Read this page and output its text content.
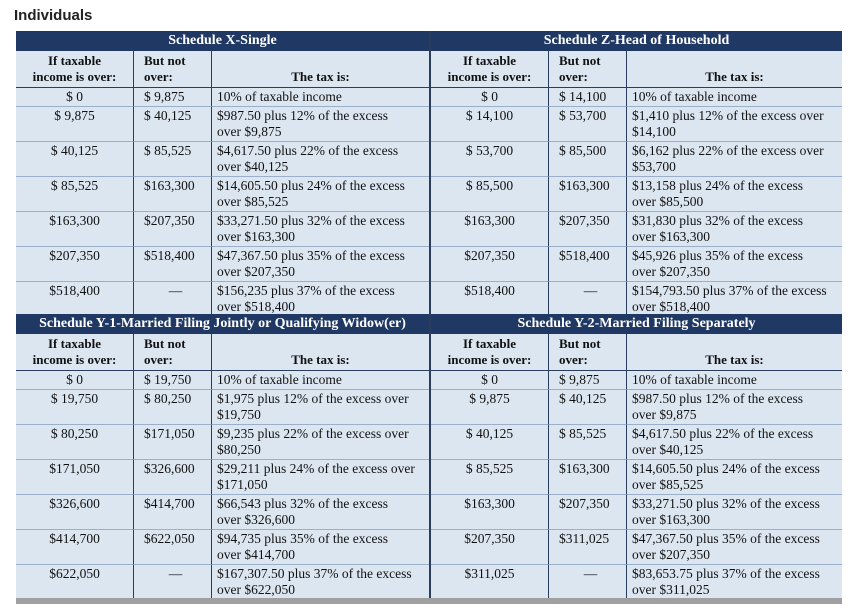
Individuals
Schedule X-Single
If taxable
income is over:
But not
over:	The tax is:
$ 0	$ 9,875	10% of taxable income
$ 9,875	$ 40,125	$987.50 plus 12% of the excess over $9,875
$ 40,125	$ 85,525	$4,617.50 plus 22% of the excess over $40,125
$ 85,525	$163,300	$14,605.50 plus 24% of the excess over $85,525
$163,300	$207,350	$33,271.50 plus 32% of the excess over $163,300
$207,350	$518,400	$47,367.50 plus 35% of the excess over $207,350
$518,400	—	$156,235 plus 37% of the excess over $518,400
Schedule Z-Head of Household
If taxable
income is over:
But not
over:	The tax is:
$ 0	$ 14,100	10% of taxable income
$ 14,100	$ 53,700	$1,410 plus 12% of the excess over $14,100
$ 53,700	$ 85,500	$6,162 plus 22% of the excess over $53,700
$ 85,500	$163,300	$13,158 plus 24% of the excess over $85,500
$163,300	$207,350	$31,830 plus 32% of the excess over $163,300
$207,350	$518,400	$45,926 plus 35% of the excess over $207,350
$518,400	—	$154,793.50 plus 37% of the excess over $518,400
Schedule Y-1-Married Filing Jointly or Qualifying Widow(er)
If taxable
income is over:
But not
over:	The tax is:
$ 0	$ 19,750	10% of taxable income
$ 19,750	$ 80,250	$1,975 plus 12% of the excess over $19,750
$ 80,250	$171,050	$9,235 plus 22% of the excess over $80,250
$171,050	$326,600	$29,211 plus 24% of the excess over $171,050
$326,600	$414,700	$66,543 plus 32% of the excess over $326,600
$414,700	$622,050	$94,735 plus 35% of the excess over $414,700
$622,050	—	$167,307.50 plus 37% of the excess over $622,050
Schedule Y-2-Married Filing Separately
If taxable
income is over:
But not
over:	The tax is:
$ 0	$ 9,875	10% of taxable income
$ 9,875	$ 40,125	$987.50 plus 12% of the excess over $9,875
$ 40,125	$ 85,525	$4,617.50 plus 22% of the excess over $40,125
$ 85,525	$163,300	$14,605.50 plus 24% of the excess over $85,525
$163,300	$207,350	$33,271.50 plus 32% of the excess over $163,300
$207,350	$311,025	$47,367.50 plus 35% of the excess over $207,350
$311,025	—	$83,653.75 plus 37% of the excess over $311,025
